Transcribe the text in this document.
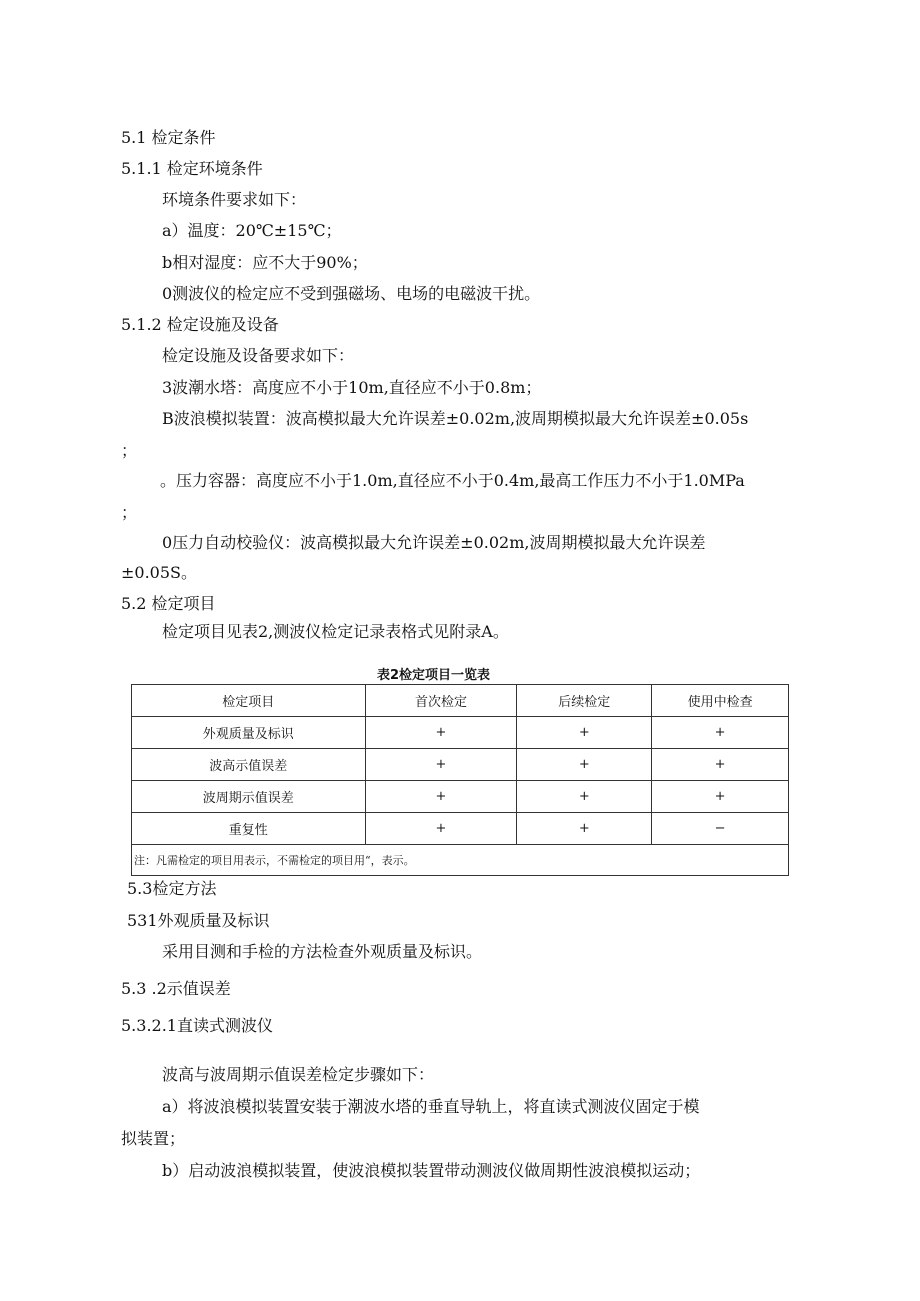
5.1 检定条件
5.1.1 检定环境条件
环境条件要求如下：
a）温度：20℃±15℃；
b相对湿度：应不大于90%；
0测波仪的检定应不受到强磁场、电场的电磁波干扰。
5.1.2 检定设施及设备
检定设施及设备要求如下：
3波潮水塔：高度应不小于10m,直径应不小于0.8m；
B波浪模拟装置：波高模拟最大允许误差±0.02m,波周期模拟最大允许误差±0.05s
；
。压力容器：高度应不小于1.0m,直径应不小于0.4m,最高工作压力不小于1.0MPa
；
0压力自动校验仪：波高模拟最大允许误差±0.02m,波周期模拟最大允许误差
±0.05S。
5.2 检定项目
检定项目见表2,测波仪检定记录表格式见附录A。
表2检定项目一览表
检定项目	首次检定	后续检定	使用中检查
外观质量及标识	+	+	+
波高示值误差	+	+	+
波周期示值误差	+	+	+
重复性	+	+	−
注：凡需检定的项目用表示，不需检定的项目用“，表示。			
5.3检定方法
531外观质量及标识
采用目测和手检的方法检查外观质量及标识。
5.3 .2示值误差
5.3.2.1直读式测波仪
波高与波周期示值误差检定步骤如下：
a）将波浪模拟装置安装于潮波水塔的垂直导轨上，将直读式测波仪固定于模
拟装置；
b）启动波浪模拟装置，使波浪模拟装置带动测波仪做周期性波浪模拟运动；
